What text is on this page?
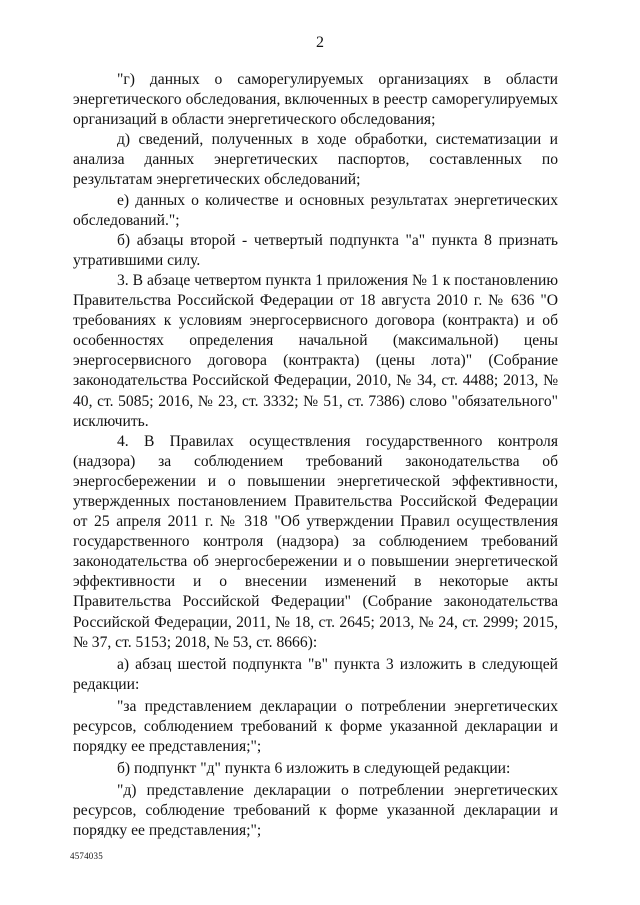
2

"г) данных о саморегулируемых организациях в области энергетического обследования, включенных в реестр саморегулируемых организаций в области энергетического обследования;

д) сведений, полученных в ходе обработки, систематизации и анализа данных энергетических паспортов, составленных по результатам энергетических обследований;

е) данных о количестве и основных результатах энергетических обследований.";

б) абзацы второй - четвертый подпункта "а" пункта 8 признать утратившими силу.

3. В абзаце четвертом пункта 1 приложения № 1 к постановлению Правительства Российской Федерации от 18 августа 2010 г. № 636 "О требованиях к условиям энергосервисного договора (контракта) и об особенностях определения начальной (максимальной) цены энергосервисного договора (контракта) (цены лота)" (Собрание законодательства Российской Федерации, 2010, № 34, ст. 4488; 2013, № 40, ст. 5085; 2016, № 23, ст. 3332; № 51, ст. 7386) слово "обязательного" исключить.

4. В Правилах осуществления государственного контроля (надзора) за соблюдением требований законодательства об энергосбережении и о повышении энергетической эффективности, утвержденных постановлением Правительства Российской Федерации от 25 апреля 2011 г. № 318 "Об утверждении Правил осуществления государственного контроля (надзора) за соблюдением требований законодательства об энергосбережении и о повышении энергетической эффективности и о внесении изменений в некоторые акты Правительства Российской Федерации" (Собрание законодательства Российской Федерации, 2011, № 18, ст. 2645; 2013, № 24, ст. 2999; 2015, № 37, ст. 5153; 2018, № 53, ст. 8666):

а) абзац шестой подпункта "в" пункта 3 изложить в следующей редакции:

"за представлением декларации о потреблении энергетических ресурсов, соблюдением требований к форме указанной декларации и порядку ее представления;";

б) подпункт "д" пункта 6 изложить в следующей редакции:

"д) представление декларации о потреблении энергетических ресурсов, соблюдение требований к форме указанной декларации и порядку ее представления;";

4574035
